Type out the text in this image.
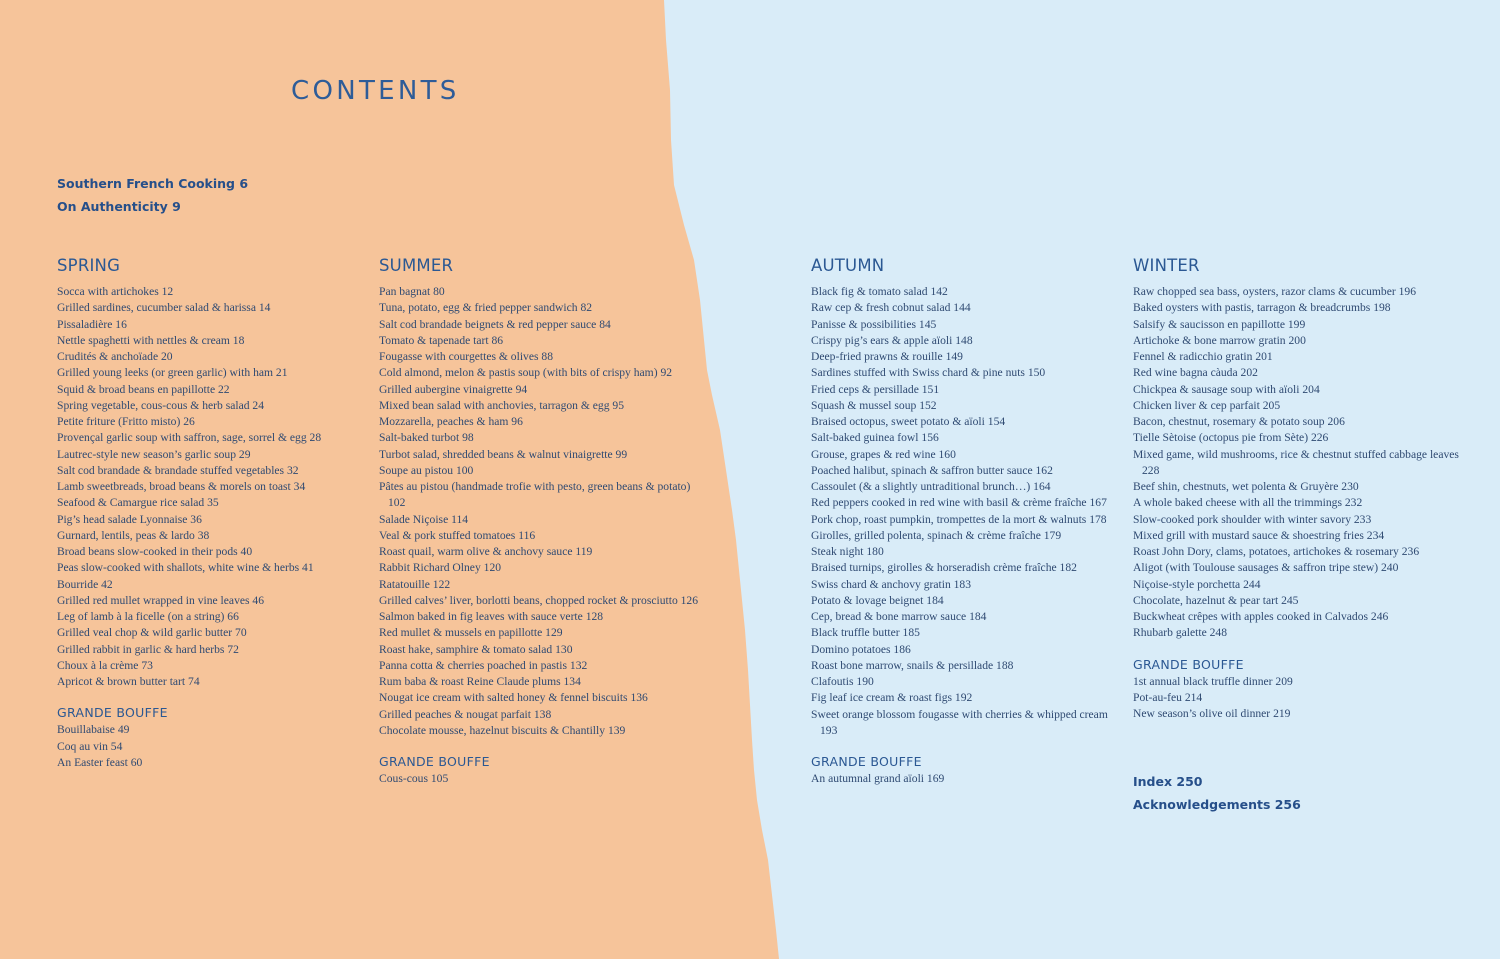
CONTENTS
Southern French Cooking 6
On Authenticity 9
SPRING
Socca with artichokes 12
Grilled sardines, cucumber salad & harissa 14
Pissaladière 16
Nettle spaghetti with nettles & cream 18
Crudités & anchoïade 20
Grilled young leeks (or green garlic) with ham 21
Squid & broad beans en papillotte 22
Spring vegetable, cous-cous & herb salad 24
Petite friture (Fritto misto) 26
Provençal garlic soup with saffron, sage, sorrel & egg 28
Lautrec-style new season’s garlic soup 29
Salt cod brandade & brandade stuffed vegetables 32
Lamb sweetbreads, broad beans & morels on toast 34
Seafood & Camargue rice salad 35
Pig’s head salade Lyonnaise 36
Gurnard, lentils, peas & lardo 38
Broad beans slow-cooked in their pods 40
Peas slow-cooked with shallots, white wine & herbs 41
Bourride 42
Grilled red mullet wrapped in vine leaves 46
Leg of lamb à la ficelle (on a string) 66
Grilled veal chop & wild garlic butter 70
Grilled rabbit in garlic & hard herbs 72
Choux à la crème 73
Apricot & brown butter tart 74
GRANDE BOUFFE
Bouillabaise 49
Coq au vin 54
An Easter feast 60
SUMMER
Pan bagnat 80
Tuna, potato, egg & fried pepper sandwich 82
Salt cod brandade beignets & red pepper sauce 84
Tomato & tapenade tart 86
Fougasse with courgettes & olives 88
Cold almond, melon & pastis soup (with bits of crispy ham) 92
Grilled aubergine vinaigrette 94
Mixed bean salad with anchovies, tarragon & egg 95
Mozzarella, peaches & ham 96
Salt-baked turbot 98
Turbot salad, shredded beans & walnut vinaigrette 99
Soupe au pistou 100
Pâtes au pistou (handmade trofie with pesto, green beans & potato) 102
Salade Niçoise 114
Veal & pork stuffed tomatoes 116
Roast quail, warm olive & anchovy sauce 119
Rabbit Richard Olney 120
Ratatouille 122
Grilled calves’ liver, borlotti beans, chopped rocket & prosciutto 126
Salmon baked in fig leaves with sauce verte 128
Red mullet & mussels en papillotte 129
Roast hake, samphire & tomato salad 130
Panna cotta & cherries poached in pastis 132
Rum baba & roast Reine Claude plums 134
Nougat ice cream with salted honey & fennel biscuits 136
Grilled peaches & nougat parfait 138
Chocolate mousse, hazelnut biscuits & Chantilly 139
GRANDE BOUFFE
Cous-cous 105
AUTUMN
Black fig & tomato salad 142
Raw cep & fresh cobnut salad 144
Panisse & possibilities 145
Crispy pig’s ears & apple aïoli 148
Deep-fried prawns & rouille 149
Sardines stuffed with Swiss chard & pine nuts 150
Fried ceps & persillade 151
Squash & mussel soup 152
Braised octopus, sweet potato & aïoli 154
Salt-baked guinea fowl 156
Grouse, grapes & red wine 160
Poached halibut, spinach & saffron butter sauce 162
Cassoulet (& a slightly untraditional brunch…) 164
Red peppers cooked in red wine with basil & crème fraîche 167
Pork chop, roast pumpkin, trompettes de la mort & walnuts 178
Girolles, grilled polenta, spinach & crème fraîche 179
Steak night 180
Braised turnips, girolles & horseradish crème fraîche 182
Swiss chard & anchovy gratin 183
Potato & lovage beignet 184
Cep, bread & bone marrow sauce 184
Black truffle butter 185
Domino potatoes 186
Roast bone marrow, snails & persillade 188
Clafoutis 190
Fig leaf ice cream & roast figs 192
Sweet orange blossom fougasse with cherries & whipped cream 193
GRANDE BOUFFE
An autumnal grand aïoli 169
WINTER
Raw chopped sea bass, oysters, razor clams & cucumber 196
Baked oysters with pastis, tarragon & breadcrumbs 198
Salsify & saucisson en papillotte 199
Artichoke & bone marrow gratin 200
Fennel & radicchio gratin 201
Red wine bagna càuda 202
Chickpea & sausage soup with aïoli 204
Chicken liver & cep parfait 205
Bacon, chestnut, rosemary & potato soup 206
Tielle Sètoise (octopus pie from Sète) 226
Mixed game, wild mushrooms, rice & chestnut stuffed cabbage leaves 228
Beef shin, chestnuts, wet polenta & Gruyère 230
A whole baked cheese with all the trimmings 232
Slow-cooked pork shoulder with winter savory 233
Mixed grill with mustard sauce & shoestring fries 234
Roast John Dory, clams, potatoes, artichokes & rosemary 236
Aligot (with Toulouse sausages & saffron tripe stew) 240
Niçoise-style porchetta 244
Chocolate, hazelnut & pear tart 245
Buckwheat crêpes with apples cooked in Calvados 246
Rhubarb galette 248
GRANDE BOUFFE
1st annual black truffle dinner 209
Pot-au-feu 214
New season’s olive oil dinner 219
Index 250
Acknowledgements 256
